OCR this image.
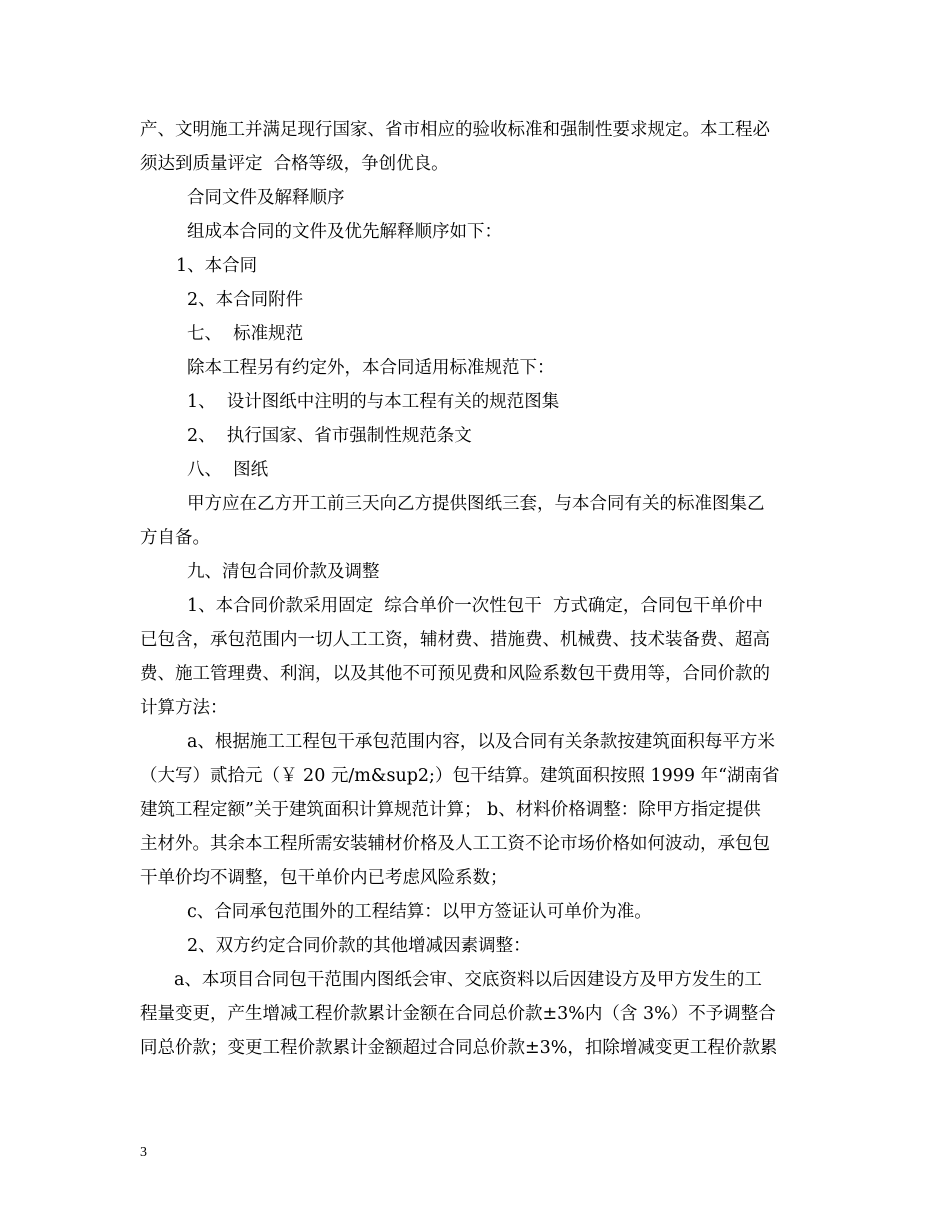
产、文明施工并满足现行国家、省市相应的验收标准和强制性要求规定。本工程必
须达到质量评定  合格等级，争创优良。
合同文件及解释顺序
组成本合同的文件及优先解释顺序如下：
1、本合同
2、本合同附件
七、  标准规范
除本工程另有约定外，本合同适用标准规范下：
1、  设计图纸中注明的与本工程有关的规范图集
2、  执行国家、省市强制性规范条文
八、  图纸
甲方应在乙方开工前三天向乙方提供图纸三套，与本合同有关的标准图集乙
方自备。
九、清包合同价款及调整
1、本合同价款采用固定  综合单价一次性包干  方式确定，合同包干单价中
已包含，承包范围内一切人工工资，辅材费、措施费、机械费、技术装备费、超高
费、施工管理费、利润，以及其他不可预见费和风险系数包干费用等，合同价款的
计算方法：
a、根据施工工程包干承包范围内容，以及合同有关条款按建筑面积每平方米
（大写）贰拾元（￥ 20 元/m&sup2;）包干结算。建筑面积按照 1999 年“湖南省
建筑工程定额”关于建筑面积计算规范计算； b、材料价格调整：除甲方指定提供
主材外。其余本工程所需安装辅材价格及人工工资不论市场价格如何波动，承包包
干单价均不调整，包干单价内已考虑风险系数；
c、合同承包范围外的工程结算：以甲方签证认可单价为准。
2、双方约定合同价款的其他增减因素调整：
a、本项目合同包干范围内图纸会审、交底资料以后因建设方及甲方发生的工
程量变更，产生增减工程价款累计金额在合同总价款±3%内（含 3%）不予调整合
同总价款；变更工程价款累计金额超过合同总价款±3%，扣除增减变更工程价款累
3
